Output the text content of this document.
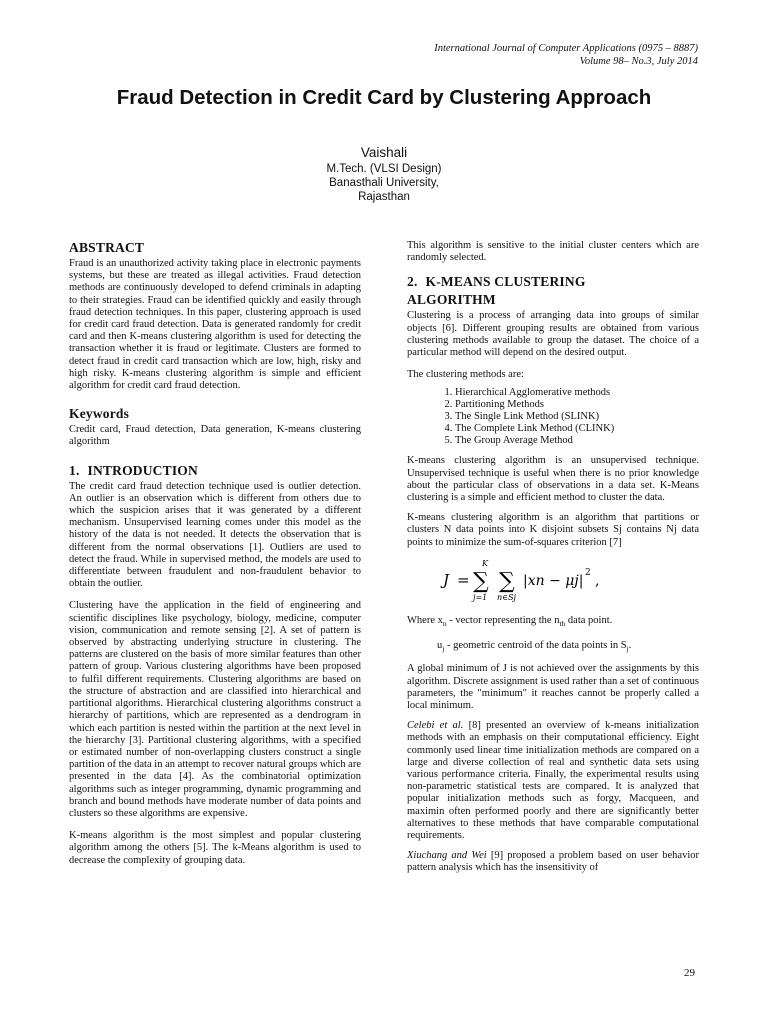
International Journal of Computer Applications (0975 – 8887)
Volume 98– No.3, July 2014
Fraud Detection in Credit Card by Clustering Approach
Vaishali
M.Tech. (VLSI Design)
Banasthali University,
Rajasthan
ABSTRACT

Fraud is an unauthorized activity taking place in electronic payments systems, but these are treated as illegal activities. Fraud detection methods are continuously developed to defend criminals in adapting to their strategies. Fraud can be identified quickly and easily through fraud detection techniques. In this paper, clustering approach is used for credit card fraud detection. Data is generated randomly for credit card and then K-means clustering algorithm is used for detecting the transaction whether it is fraud or legitimate. Clusters are formed to detect fraud in credit card transaction which are low, high, risky and high risky. K-means clustering algorithm is simple and efficient algorithm for credit card fraud detection.

Keywords

Credit card, Fraud detection, Data generation, K-means clustering algorithm

1. INTRODUCTION

The credit card fraud detection technique used is outlier detection. An outlier is an observation which is different from others due to which the suspicion arises that it was generated by a different mechanism. Unsupervised learning comes under this model as the history of the data is not needed. It detects the observation that is different from the normal observations [1]. Outliers are used to detect the fraud. While in supervised method, the models are used to differentiate between fraudulent and non-fraudulent behavior to obtain the outlier.

Clustering have the application in the field of engineering and scientific disciplines like psychology, biology, medicine, computer vision, communication and remote sensing [2]. A set of pattern is observed by abstracting underlying structure in clustering. The patterns are clustered on the basis of more similar features than other pattern of group. Various clustering algorithms have been proposed to fulfil different requirements. Clustering algorithms are based on the structure of abstraction and are classified into hierarchical and partitional algorithms. Hierarchical clustering algorithms construct a hierarchy of partitions, which are represented as a dendrogram in which each partition is nested within the partition at the next level in the hierarchy [3]. Partitional clustering algorithms, with a specified or estimated number of non-overlapping clusters construct a single partition of the data in an attempt to recover natural groups which are presented in the data [4]. As the combinatorial optimization algorithms such as integer programming, dynamic programming and branch and bound methods have moderate number of data points and clusters so these algorithms are expensive.

K-means algorithm is the most simplest and popular clustering algorithm among the others [5]. The k-Means algorithm is used to decrease the complexity of grouping data.

This algorithm is sensitive to the initial cluster centers which are randomly selected.

2. K-MEANS CLUSTERING
ALGORITHM

Clustering is a process of arranging data into groups of similar objects [6]. Different grouping results are obtained from various clustering methods available to group the dataset. The choice of a particular method will depend on the desired output.

The clustering methods are:

1. Hierarchical Agglomerative methods
2. Partitioning Methods
3. The Single Link Method (SLINK)
4. The Complete Link Method (CLINK)
5. The Group Average Method

K-means clustering algorithm is an unsupervised technique. Unsupervised technique is useful when there is no prior knowledge about the particular class of observations in a data set. K-Means clustering is a simple and efficient method to cluster the data.

K-means clustering algorithm is an algorithm that partitions or clusters N data points into K disjoint subsets Sj contains Nj data points to minimize the sum-of-squares criterion [7]

J =
K
∑
j=1
∑
n∈Sj
|xn − μj| 2 ,

Where $x_n$ - vector representing the $n_{th}$ data point.

$u_j$ - geometric centroid of the data points in $S_j$.

A global minimum of J is not achieved over the assignments by this algorithm. Discrete assignment is used rather than a set of continuous parameters, the "minimum" it reaches cannot be properly called a local minimum.

Celebi et al. [8] presented an overview of k-means initialization methods with an emphasis on their computational efficiency. Eight commonly used linear time initialization methods are compared on a large and diverse collection of real and synthetic data sets using various performance criteria. Finally, the experimental results using non-parametric statistical tests are compared. It is analyzed that popular initialization methods such as forgy, Macqueen, and maximin often performed poorly and there are significantly better alternatives to these methods that have comparable computational requirements.

Xiuchang and Wei [9] proposed a problem based on user behavior pattern analysis which has the insensitivity of

29
